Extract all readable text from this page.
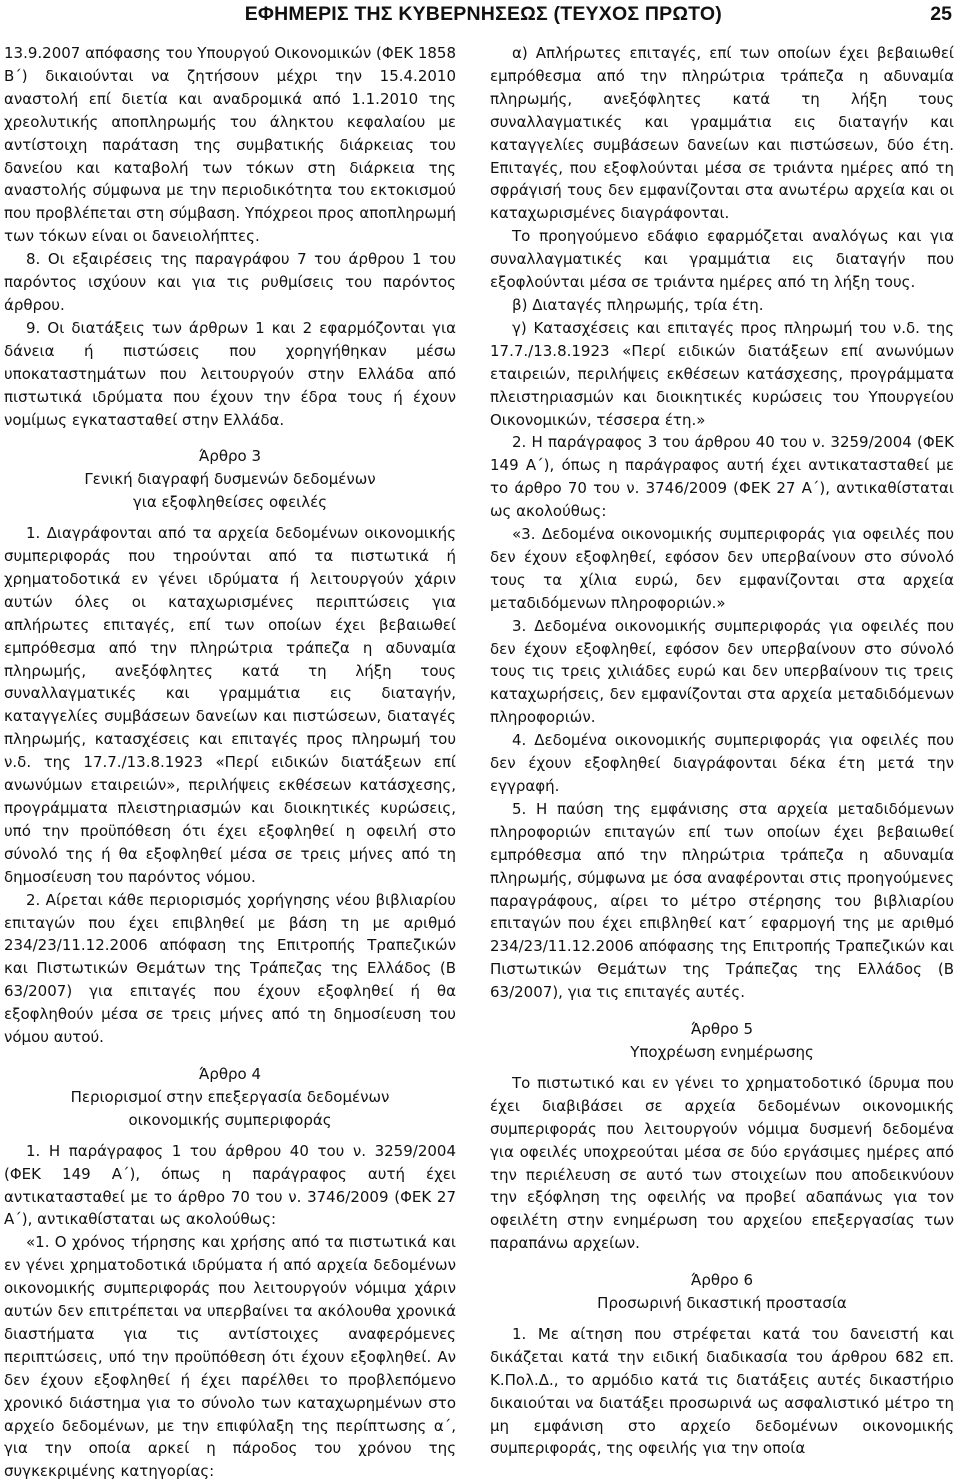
ΕΦΗΜΕΡΙΣ ΤΗΣ ΚΥΒΕΡΝΗΣΕΩΣ (ΤΕΥΧΟΣ ΠΡΩΤΟ)	25

13.9.2007 απόφασης του Υπουργού Οικονομικών (ΦΕΚ 1858 Β΄) δικαιούνται να ζητήσουν μέχρι την 15.4.2010 αναστολή επί διετία και αναδρομικά από 1.1.2010 της χρεολυτικής αποπληρωμής του άληκτου κεφαλαίου με αντίστοιχη παράταση της συμβατικής διάρκειας του δανείου και καταβολή των τόκων στη διάρκεια της αναστολής σύμφωνα με την περιοδικότητα του εκτοκισμού που προβλέπεται στη σύμβαση. Υπόχρεοι προς αποπληρωμή των τόκων είναι οι δανειολήπτες.

8. Οι εξαιρέσεις της παραγράφου 7 του άρθρου 1 του παρόντος ισχύουν και για τις ρυθμίσεις του παρόντος άρθρου.

9. Οι διατάξεις των άρθρων 1 και 2 εφαρμόζονται για δάνεια ή πιστώσεις που χορηγήθηκαν μέσω υποκαταστημάτων που λειτουργούν στην Ελλάδα από πιστωτικά ιδρύματα που έχουν την έδρα τους ή έχουν νομίμως εγκατασταθεί στην Ελλάδα.

Άρθρο 3

Γενική διαγραφή δυσμενών δεδομένων

για εξοφληθείσες οφειλές

1. Διαγράφονται από τα αρχεία δεδομένων οικονομικής συμπεριφοράς που τηρούνται από τα πιστωτικά ή χρηματοδοτικά εν γένει ιδρύματα ή λειτουργούν χάριν αυτών όλες οι καταχωρισμένες περιπτώσεις για απλήρωτες επιταγές, επί των οποίων έχει βεβαιωθεί εμπρόθεσμα από την πληρώτρια τράπεζα η αδυναμία πληρωμής, ανεξόφλητες κατά τη λήξη τους συναλλαγματικές και γραμμάτια εις διαταγήν, καταγγελίες συμβάσεων δανείων και πιστώσεων, διαταγές πληρωμής, κατασχέσεις και επιταγές προς πληρωμή του ν.δ. της 17.7./13.8.1923 «Περί ειδικών διατάξεων επί ανωνύμων εταιρειών», περιλήψεις εκθέσεων κατάσχεσης, προγράμματα πλειστηριασμών και διοικητικές κυρώσεις, υπό την προϋπόθεση ότι έχει εξοφληθεί η οφειλή στο σύνολό της ή θα εξοφληθεί μέσα σε τρεις μήνες από τη δημοσίευση του παρόντος νόμου.

2. Αίρεται κάθε περιορισμός χορήγησης νέου βιβλιαρίου επιταγών που έχει επιβληθεί με βάση τη με αριθμό 234/23/11.12.2006 απόφαση της Επιτροπής Τραπεζικών και Πιστωτικών Θεμάτων της Τράπεζας της Ελλάδος (Β 63/2007) για επιταγές που έχουν εξοφληθεί ή θα εξοφληθούν μέσα σε τρεις μήνες από τη δημοσίευση του νόμου αυτού.

Άρθρο 4

Περιορισμοί στην επεξεργασία δεδομένων

οικονομικής συμπεριφοράς

1. Η παράγραφος 1 του άρθρου 40 του ν. 3259/2004 (ΦΕΚ 149 Α΄), όπως η παράγραφος αυτή έχει αντικατασταθεί με το άρθρο 70 του ν. 3746/2009 (ΦΕΚ 27 Α΄), αντικαθίσταται ως ακολούθως:

«1. Ο χρόνος τήρησης και χρήσης από τα πιστωτικά και εν γένει χρηματοδοτικά ιδρύματα ή από αρχεία δεδομένων οικονομικής συμπεριφοράς που λειτουργούν νόμιμα χάριν αυτών δεν επιτρέπεται να υπερβαίνει τα ακόλουθα χρονικά διαστήματα για τις αντίστοιχες αναφερόμενες περιπτώσεις, υπό την προϋπόθεση ότι έχουν εξοφληθεί. Αν δεν έχουν εξοφληθεί ή έχει παρέλθει το προβλεπόμενο χρονικό διάστημα για το σύνολο των καταχωρημένων στο αρχείο δεδομένων, με την επιφύλαξη της περίπτωσης α΄, για την οποία αρκεί η πάροδος του χρόνου της συγκεκριμένης κατηγορίας:

α) Απλήρωτες επιταγές, επί των οποίων έχει βεβαιωθεί εμπρόθεσμα από την πληρώτρια τράπεζα η αδυναμία πληρωμής, ανεξόφλητες κατά τη λήξη τους συναλλαγματικές και γραμμάτια εις διαταγήν και καταγγελίες συμβάσεων δανείων και πιστώσεων, δύο έτη. Επιταγές, που εξοφλούνται μέσα σε τριάντα ημέρες από τη σφράγισή τους δεν εμφανίζονται στα ανωτέρω αρχεία και οι καταχωρισμένες διαγράφονται.

Το προηγούμενο εδάφιο εφαρμόζεται αναλόγως και για συναλλαγματικές και γραμμάτια εις διαταγήν που εξοφλούνται μέσα σε τριάντα ημέρες από τη λήξη τους.

β) Διαταγές πληρωμής, τρία έτη.

γ) Κατασχέσεις και επιταγές προς πληρωμή του ν.δ. της 17.7./13.8.1923 «Περί ειδικών διατάξεων επί ανωνύμων εταιρειών, περιλήψεις εκθέσεων κατάσχεσης, προγράμματα πλειστηριασμών και διοικητικές κυρώσεις του Υπουργείου Οικονομικών, τέσσερα έτη.»

2. Η παράγραφος 3 του άρθρου 40 του ν. 3259/2004 (ΦΕΚ 149 Α΄), όπως η παράγραφος αυτή έχει αντικατασταθεί με το άρθρο 70 του ν. 3746/2009 (ΦΕΚ 27 Α΄), αντικαθίσταται ως ακολούθως:

«3. Δεδομένα οικονομικής συμπεριφοράς για οφειλές που δεν έχουν εξοφληθεί, εφόσον δεν υπερβαίνουν στο σύνολό τους τα χίλια ευρώ, δεν εμφανίζονται στα αρχεία μεταδιδόμενων πληροφοριών.»

3. Δεδομένα οικονομικής συμπεριφοράς για οφειλές που δεν έχουν εξοφληθεί, εφόσον δεν υπερβαίνουν στο σύνολό τους τις τρεις χιλιάδες ευρώ και δεν υπερβαίνουν τις τρεις καταχωρήσεις, δεν εμφανίζονται στα αρχεία μεταδιδόμενων πληροφοριών.

4. Δεδομένα οικονομικής συμπεριφοράς για οφειλές που δεν έχουν εξοφληθεί διαγράφονται δέκα έτη μετά την εγγραφή.

5. Η παύση της εμφάνισης στα αρχεία μεταδιδόμενων πληροφοριών επιταγών επί των οποίων έχει βεβαιωθεί εμπρόθεσμα από την πληρώτρια τράπεζα η αδυναμία πληρωμής, σύμφωνα με όσα αναφέρονται στις προηγούμενες παραγράφους, αίρει το μέτρο στέρησης του βιβλιαρίου επιταγών που έχει επιβληθεί κατ΄ εφαρμογή της με αριθμό 234/23/11.12.2006 απόφασης της Επιτροπής Τραπεζικών και Πιστωτικών Θεμάτων της Τράπεζας της Ελλάδος (Β 63/2007), για τις επιταγές αυτές.

Άρθρο 5

Υποχρέωση ενημέρωσης

Το πιστωτικό και εν γένει το χρηματοδοτικό ίδρυμα που έχει διαβιβάσει σε αρχεία δεδομένων οικονομικής συμπεριφοράς που λειτουργούν νόμιμα δυσμενή δεδομένα για οφειλές υποχρεούται μέσα σε δύο εργάσιμες ημέρες από την περιέλευση σε αυτό των στοιχείων που αποδεικνύουν την εξόφληση της οφειλής να προβεί αδαπάνως για τον οφειλέτη στην ενημέρωση του αρχείου επεξεργασίας των παραπάνω αρχείων.

Άρθρο 6

Προσωρινή δικαστική προστασία

1. Με αίτηση που στρέφεται κατά του δανειστή και δικάζεται κατά την ειδική διαδικασία του άρθρου 682 επ. Κ.Πολ.Δ., το αρμόδιο κατά τις διατάξεις αυτές δικαστήριο δικαιούται να διατάξει προσωρινά ως ασφαλιστικό μέτρο τη μη εμφάνιση στο αρχείο δεδομένων οικονομικής συμπεριφοράς, της οφειλής για την οποία
